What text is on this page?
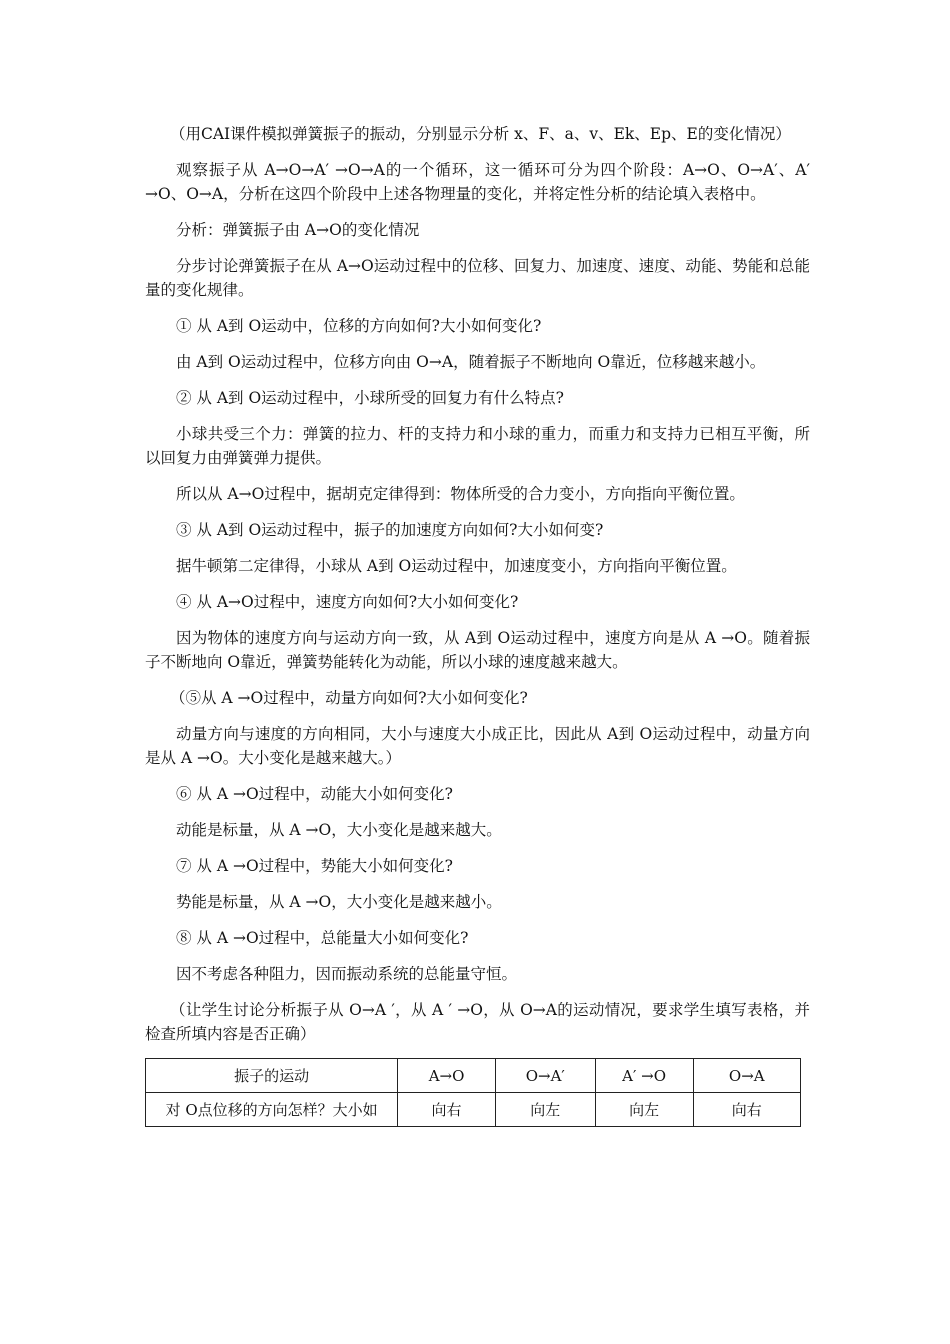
（用CAI课件模拟弹簧振子的振动，分别显示分析 x、F、a、v、Ek、Ep、E的变化情况）

观察振子从 A→O→A′ →O→A的一个循环，这一循环可分为四个阶段：A→O、O→A′、A′ →O、O→A，分析在这四个阶段中上述各物理量的变化，并将定性分析的结论填入表格中。

分析：弹簧振子由 A→O的变化情况

分步讨论弹簧振子在从 A→O运动过程中的位移、回复力、加速度、速度、动能、势能和总能量的变化规律。

① 从 A到 O运动中，位移的方向如何?大小如何变化?

由 A到 O运动过程中，位移方向由 O→A，随着振子不断地向 O靠近，位移越来越小。

② 从 A到 O运动过程中，小球所受的回复力有什么特点?

小球共受三个力：弹簧的拉力、杆的支持力和小球的重力，而重力和支持力已相互平衡，所以回复力由弹簧弹力提供。

所以从 A→O过程中，据胡克定律得到：物体所受的合力变小，方向指向平衡位置。

③ 从 A到 O运动过程中，振子的加速度方向如何?大小如何变?

据牛顿第二定律得，小球从 A到 O运动过程中，加速度变小，方向指向平衡位置。

④ 从 A→O过程中，速度方向如何?大小如何变化?

因为物体的速度方向与运动方向一致，从 A到 O运动过程中，速度方向是从 A →O。随着振子不断地向 O靠近，弹簧势能转化为动能，所以小球的速度越来越大。

（⑤从 A →O过程中，动量方向如何?大小如何变化?

动量方向与速度的方向相同，大小与速度大小成正比，因此从 A到 O运动过程中，动量方向是从 A →O。大小变化是越来越大。）

⑥ 从 A →O过程中，动能大小如何变化?

动能是标量，从 A →O，大小变化是越来越大。

⑦ 从 A →O过程中，势能大小如何变化?

势能是标量，从 A →O，大小变化是越来越小。

⑧ 从 A →O过程中，总能量大小如何变化?

因不考虑各种阻力，因而振动系统的总能量守恒。

（让学生讨论分析振子从 O→A ′，从 A ′ →O，从 O→A的运动情况，要求学生填写表格，并检查所填内容是否正确）

振子的运动	A→O	O→A′	A′ →O	O→A
对 O点位移的方向怎样？大小如	向右	向左	向左	向右
